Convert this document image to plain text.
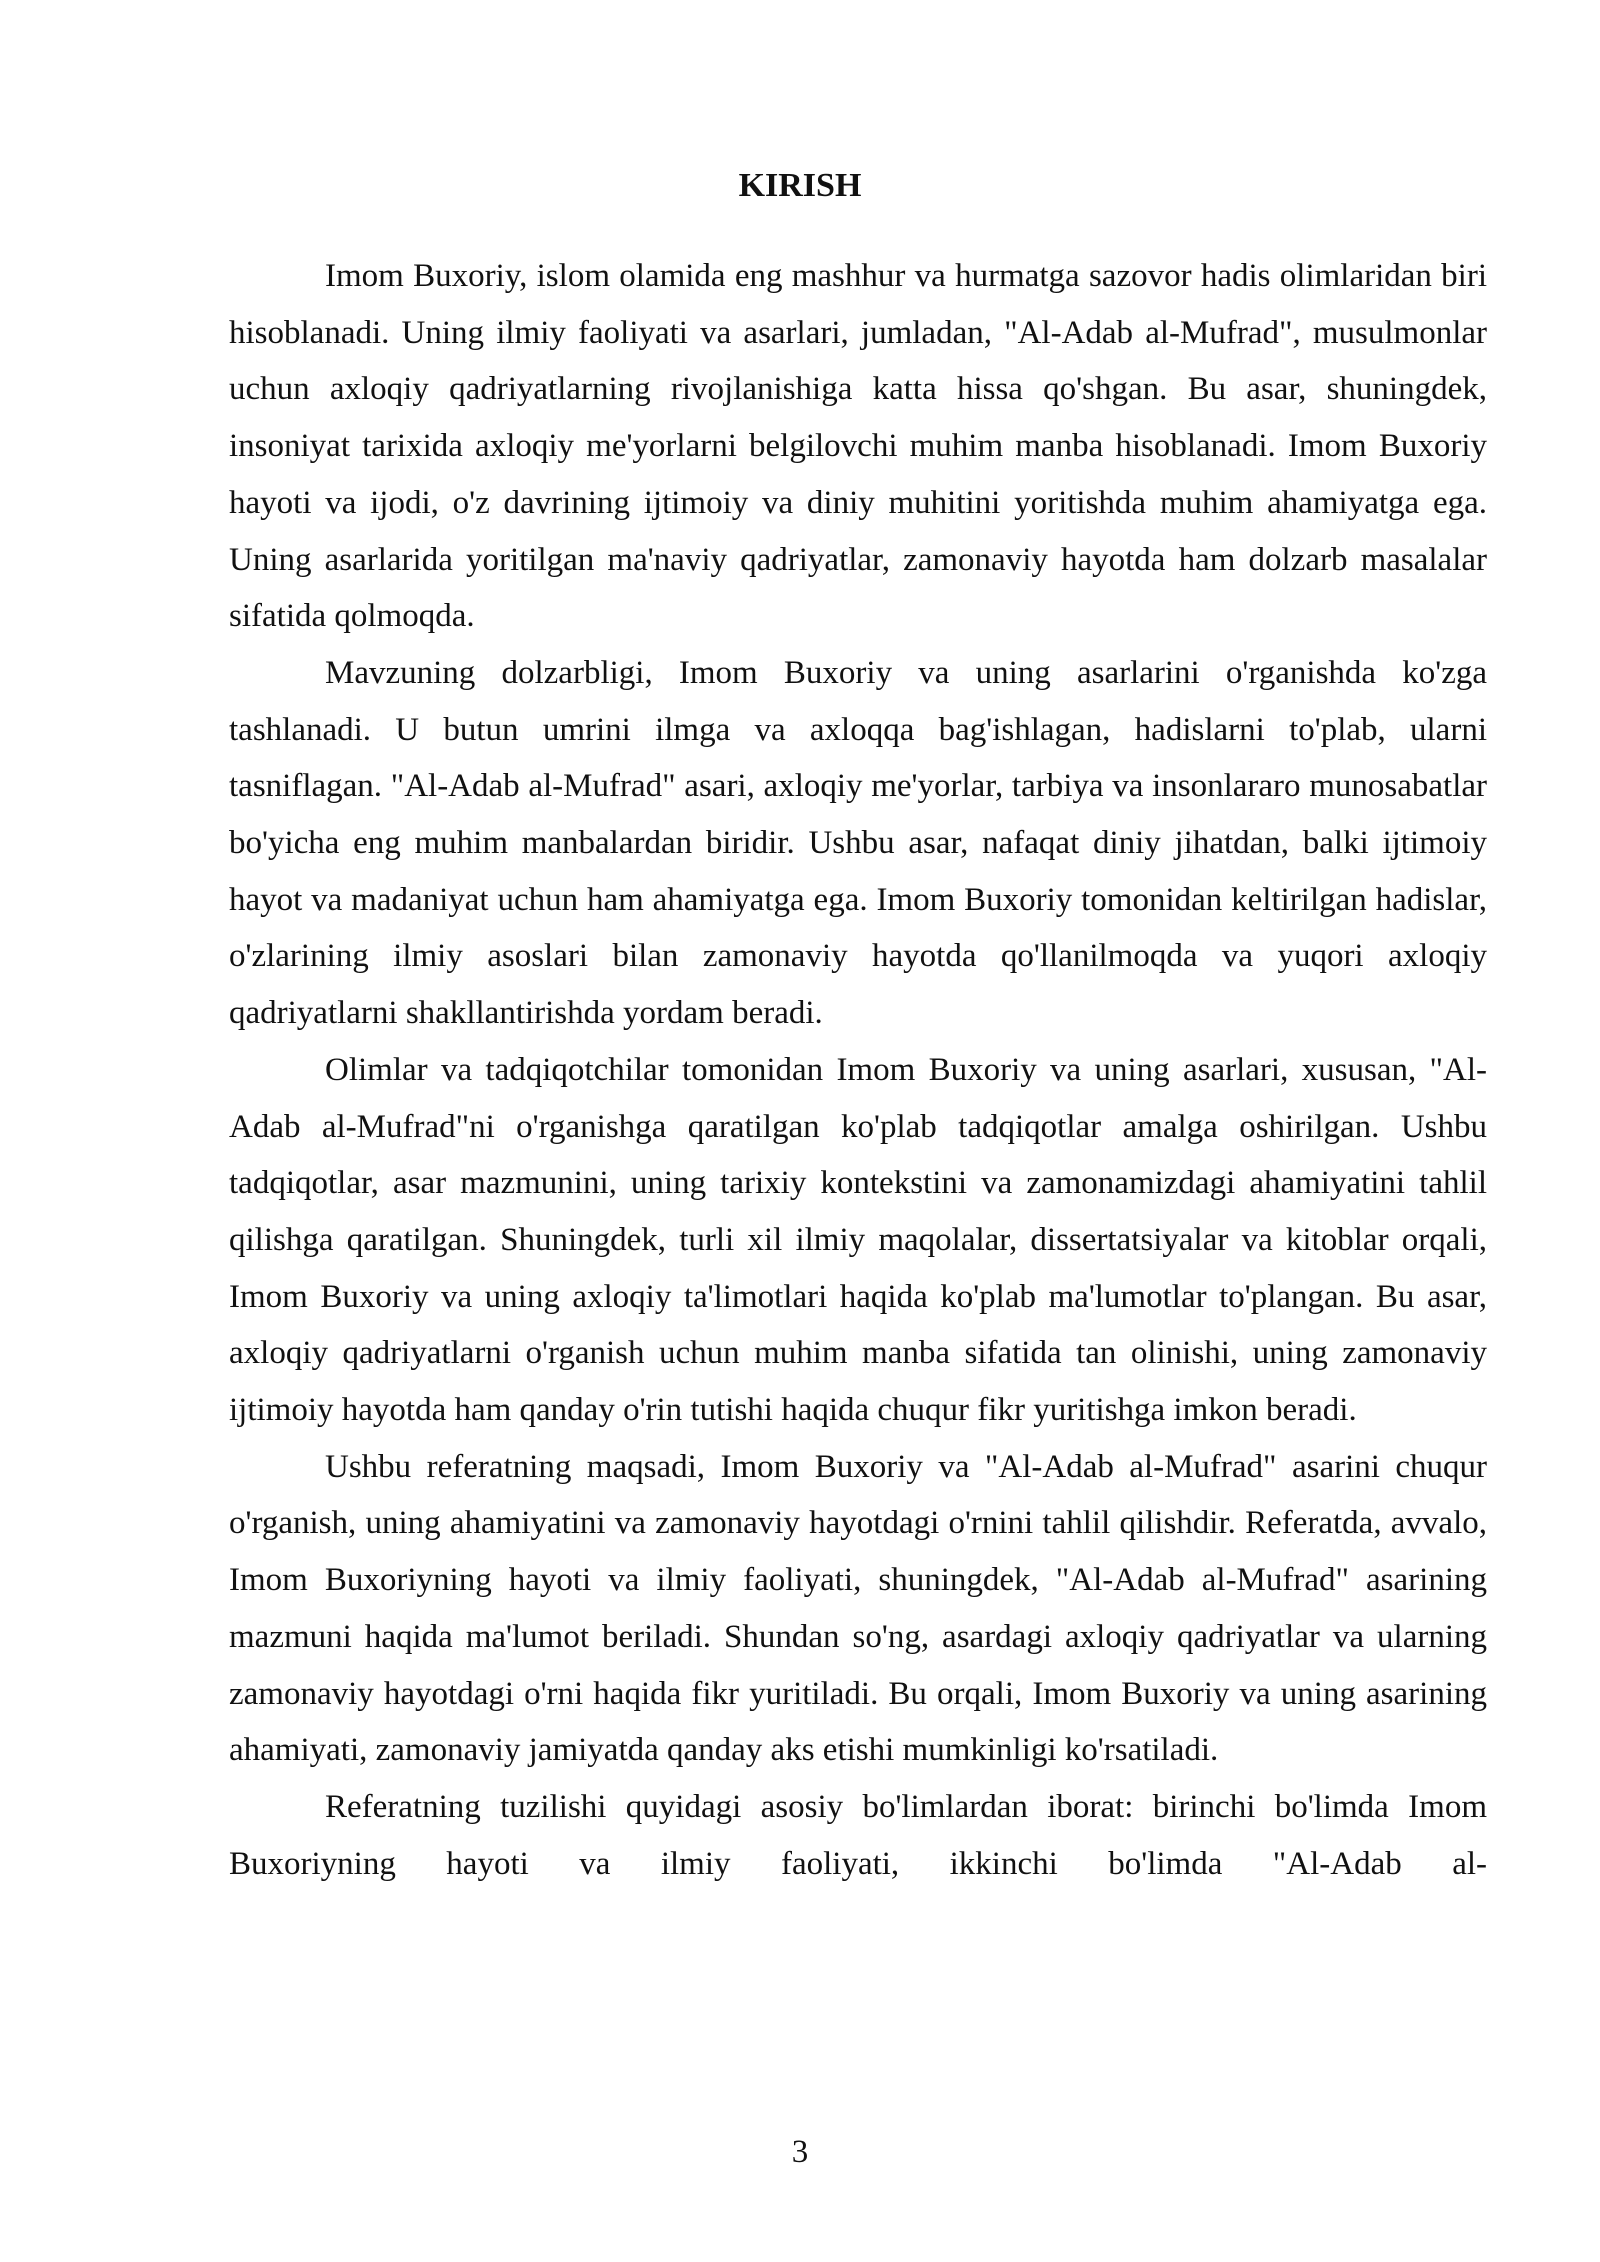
KIRISH

Imom Buxoriy, islom olamida eng mashhur va hurmatga sazovor hadis olimlaridan biri hisoblanadi. Uning ilmiy faoliyati va asarlari, jumladan, "Al-Adab al-Mufrad", musulmonlar uchun axloqiy qadriyatlarning rivojlanishiga katta hissa qo'shgan. Bu asar, shuningdek, insoniyat tarixida axloqiy me'yorlarni belgilovchi muhim manba hisoblanadi. Imom Buxoriy hayoti va ijodi, o'z davrining ijtimoiy va diniy muhitini yoritishda muhim ahamiyatga ega. Uning asarlarida yoritilgan ma'naviy qadriyatlar, zamonaviy hayotda ham dolzarb masalalar sifatida qolmoqda.

Mavzuning dolzarbligi, Imom Buxoriy va uning asarlarini o'rganishda ko'zga tashlanadi. U butun umrini ilmga va axloqqa bag'ishlagan, hadislarni to'plab, ularni tasniflagan. "Al-Adab al-Mufrad" asari, axloqiy me'yorlar, tarbiya va insonlararo munosabatlar bo'yicha eng muhim manbalardan biridir. Ushbu asar, nafaqat diniy jihatdan, balki ijtimoiy hayot va madaniyat uchun ham ahamiyatga ega. Imom Buxoriy tomonidan keltirilgan hadislar, o'zlarining ilmiy asoslari bilan zamonaviy hayotda qo'llanilmoqda va yuqori axloqiy qadriyatlarni shakllantirishda yordam beradi.

Olimlar va tadqiqotchilar tomonidan Imom Buxoriy va uning asarlari, xususan, "Al-Adab al-Mufrad"ni o'rganishga qaratilgan ko'plab tadqiqotlar amalga oshirilgan. Ushbu tadqiqotlar, asar mazmunini, uning tarixiy kontekstini va zamonamizdagi ahamiyatini tahlil qilishga qaratilgan. Shuningdek, turli xil ilmiy maqolalar, dissertatsiyalar va kitoblar orqali, Imom Buxoriy va uning axloqiy ta'limotlari haqida ko'plab ma'lumotlar to'plangan. Bu asar, axloqiy qadriyatlarni o'rganish uchun muhim manba sifatida tan olinishi, uning zamonaviy ijtimoiy hayotda ham qanday o'rin tutishi haqida chuqur fikr yuritishga imkon beradi.

Ushbu referatning maqsadi, Imom Buxoriy va "Al-Adab al-Mufrad" asarini chuqur o'rganish, uning ahamiyatini va zamonaviy hayotdagi o'rnini tahlil qilishdir. Referatda, avvalo, Imom Buxoriyning hayoti va ilmiy faoliyati, shuningdek, "Al-Adab al-Mufrad" asarining mazmuni haqida ma'lumot beriladi. Shundan so'ng, asardagi axloqiy qadriyatlar va ularning zamonaviy hayotdagi o'rni haqida fikr yuritiladi. Bu orqali, Imom Buxoriy va uning asarining ahamiyati, zamonaviy jamiyatda qanday aks etishi mumkinligi ko'rsatiladi.

Referatning tuzilishi quyidagi asosiy bo'limlardan iborat: birinchi bo'limda Imom Buxoriyning hayoti va ilmiy faoliyati, ikkinchi bo'limda "Al-Adab al-

3
